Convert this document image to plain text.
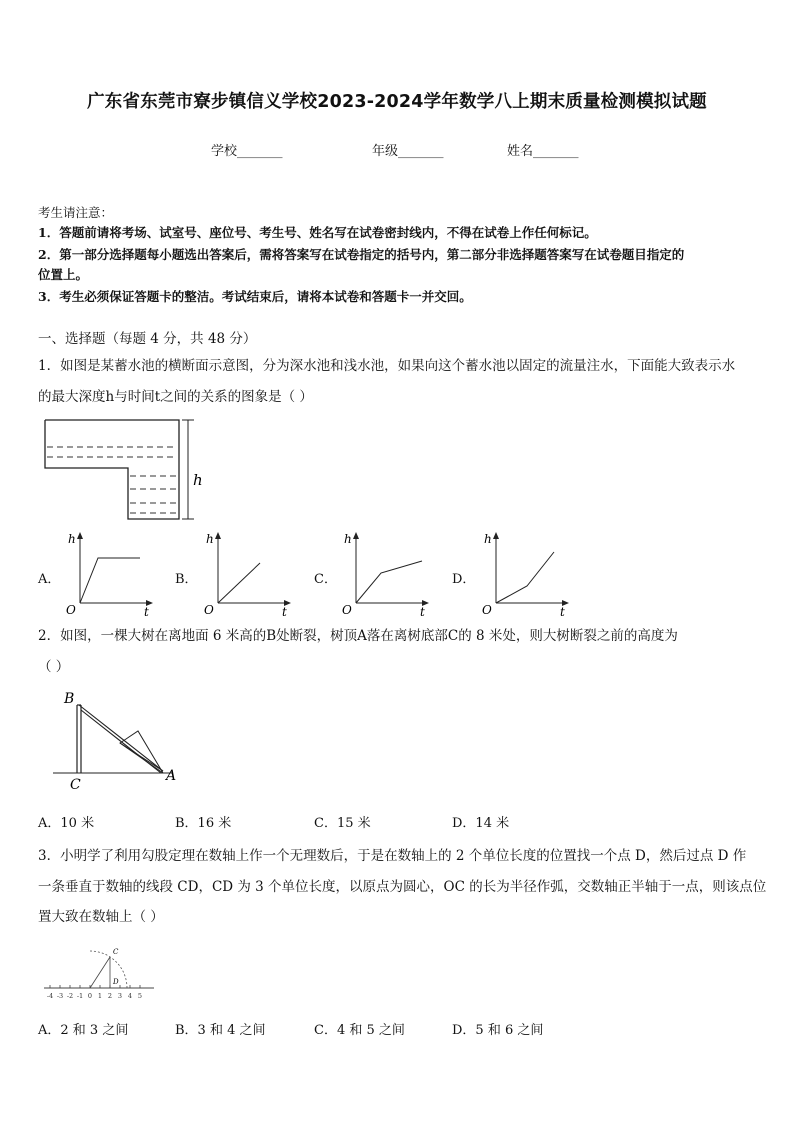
广东省东莞市寮步镇信义学校2023-2024学年数学八上期末质量检测模拟试题
学校_______	年级_______	姓名_______
考生请注意：
1．答题前请将考场、试室号、座位号、考生号、姓名写在试卷密封线内，不得在试卷上作任何标记。
2．第一部分选择题每小题选出答案后，需将答案写在试卷指定的括号内，第二部分非选择题答案写在试卷题目指定的
位置上。
3．考生必须保证答题卡的整洁。考试结束后，请将本试卷和答题卡一并交回。
一、选择题（每题 4 分，共 48 分）
1．如图是某蓄水池的横断面示意图，分为深水池和浅水池，如果向这个蓄水池以固定的流量注水，下面能大致表示水
的最大深度h与时间t之间的关系的图象是（ ）
h
A．
h
O	t
B．
h
O	t
C．
h
O	t
D．
h
O	t
2．如图，一棵大树在离地面 6 米高的B处断裂，树顶A落在离树底部C的 8 米处，则大树断裂之前的高度为
（ ）
B
C
A
A．10 米	B．16 米	C．15 米	D．14 米
3．小明学了利用勾股定理在数轴上作一个无理数后，于是在数轴上的 2 个单位长度的位置找一个点 D，然后过点 D 作
一条垂直于数轴的线段 CD，CD 为 3 个单位长度，以原点为圆心，OC 的长为半径作弧，交数轴正半轴于一点，则该点位
置大致在数轴上（ ）
C
D
-4 -3 -2 -1 0 1 2 3 4 5
A．2 和 3 之间	B．3 和 4 之间	C．4 和 5 之间	D．5 和 6 之间
